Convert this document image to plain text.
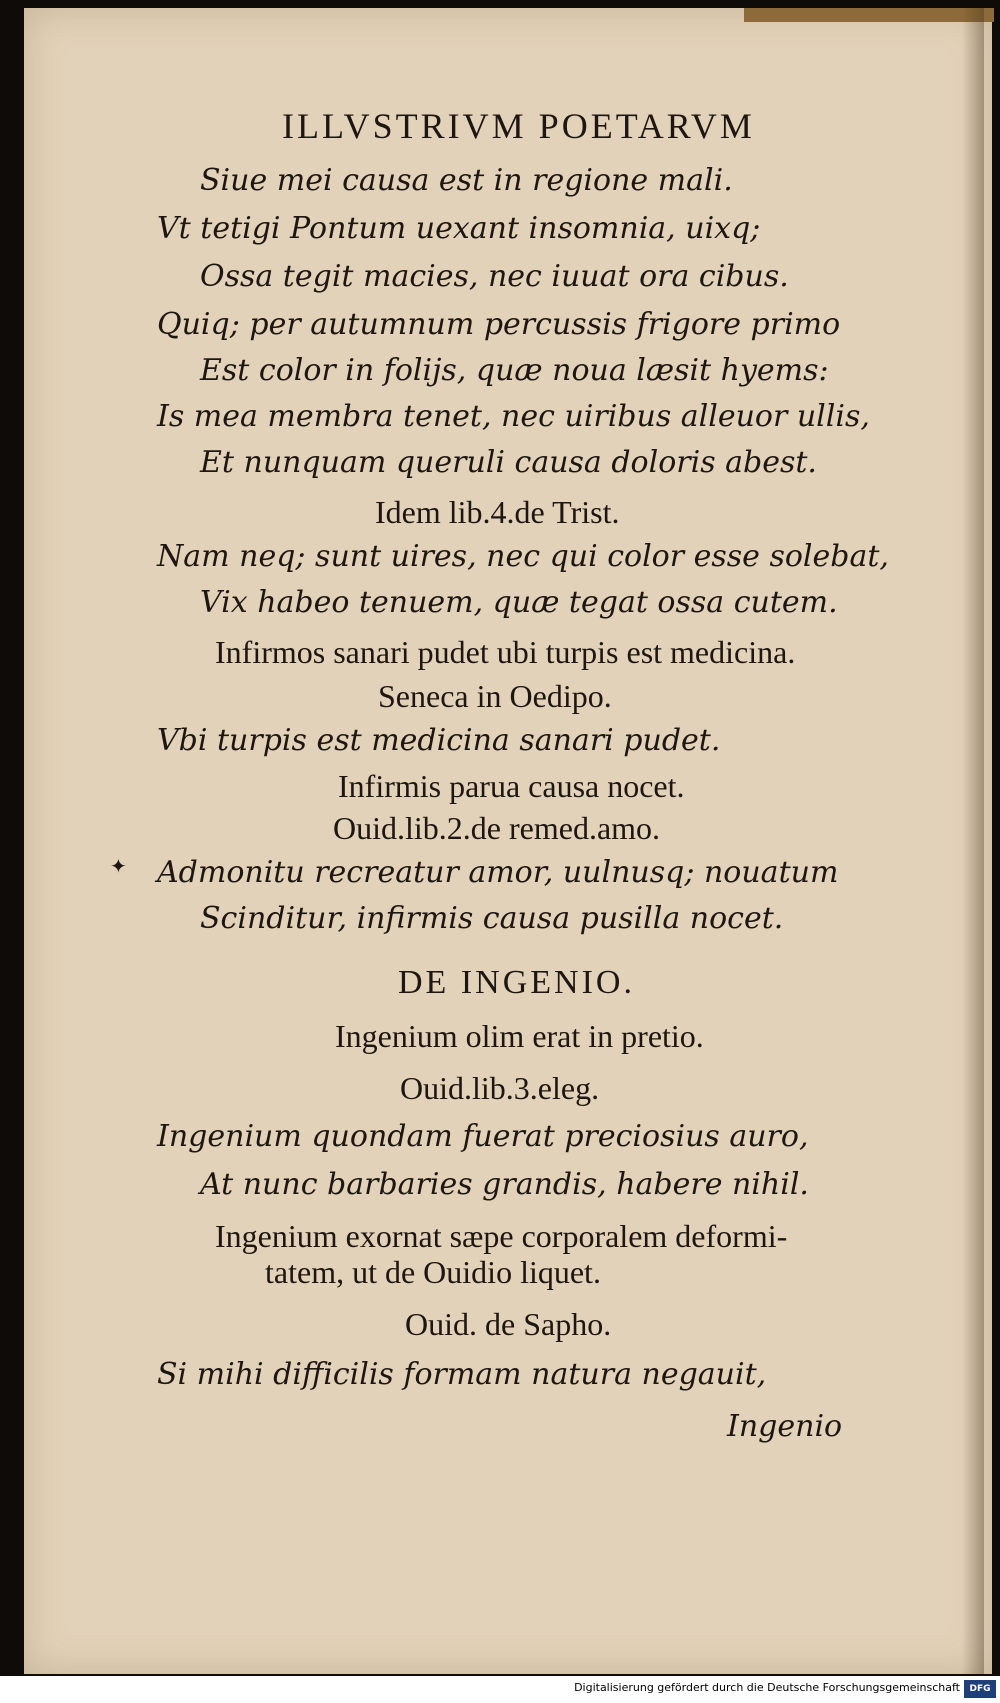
ILLVSTRIVM POETARVM
Siue mei causa est in regione mali.
Vt tetigi Pontum uexant insomnia, uixq;
Ossa tegit macies, nec iuuat ora cibus.
Quiq; per autumnum percussis frigore primo
Est color in folijs, quæ noua læsit hyems:
Is mea membra tenet, nec uiribus alleuor ullis,
Et nunquam queruli causa doloris abest.
Idem lib.4.de Trist.
Nam neq; sunt uires, nec qui color esse solebat,
Vix habeo tenuem, quæ tegat ossa cutem.
Infirmos sanari pudet ubi turpis est medicina.
Seneca in Oedipo.
Vbi turpis est medicina sanari pudet.
Infirmis parua causa nocet.
Ouid.lib.2.de remed.amo.
Admonitu recreatur amor, uulnusq; nouatum
Scinditur, infirmis causa pusilla nocet.
DE INGENIO.
Ingenium olim erat in pretio.
Ouid.lib.3.eleg.
Ingenium quondam fuerat preciosius auro,
At nunc barbaries grandis, habere nihil.
Ingenium exornat sæpe corporalem deformi-
tatem, ut de Ouidio liquet.
Ouid. de Sapho.
Si mihi difficilis formam natura negauit,
Ingenio
✦
Digitalisierung gefördert durch die Deutsche Forschungsgemeinschaft	DFG
